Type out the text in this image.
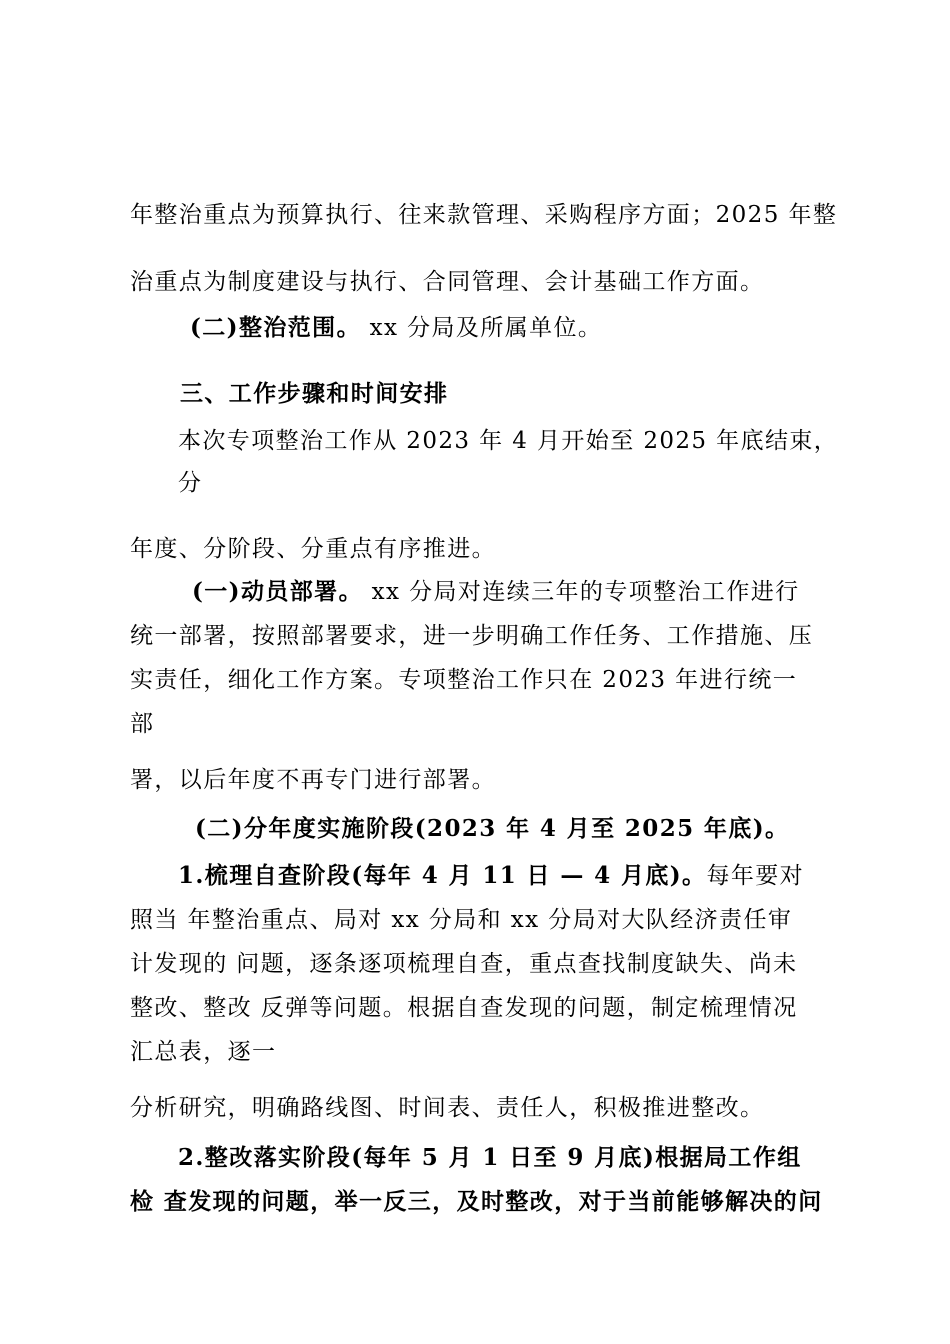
年整治重点为预算执行、往来款管理、采购程序方面；2025 年整
治重点为制度建设与执行、合同管理、会计基础工作方面。
(二)整治范围。 xx 分局及所属单位。
三、工作步骤和时间安排
本次专项整治工作从 2023 年 4 月开始至 2025 年底结束，
分
年度、分阶段、分重点有序推进。
(一)动员部署。 xx 分局对连续三年的专项整治工作进行
统一部署，按照部署要求，进一步明确工作任务、工作措施、压
实责任，细化工作方案。专项整治工作只在 2023 年进行统一
部
署，以后年度不再专门进行部署。
(二)分年度实施阶段(2023 年 4 月至 2025 年底)。
1.梳理自查阶段(每年 4 月 11 日 — 4 月底)。每年要对
照当 年整治重点、局对 xx 分局和 xx 分局对大队经济责任审
计发现的 问题，逐条逐项梳理自查，重点查找制度缺失、尚未
整改、整改 反弹等问题。根据自查发现的问题，制定梳理情况
汇总表，逐一
分析研究，明确路线图、时间表、责任人，积极推进整改。
2.整改落实阶段(每年 5 月 1 日至 9 月底)根据局工作组
检 查发现的问题，举一反三，及时整改，对于当前能够解决的问
